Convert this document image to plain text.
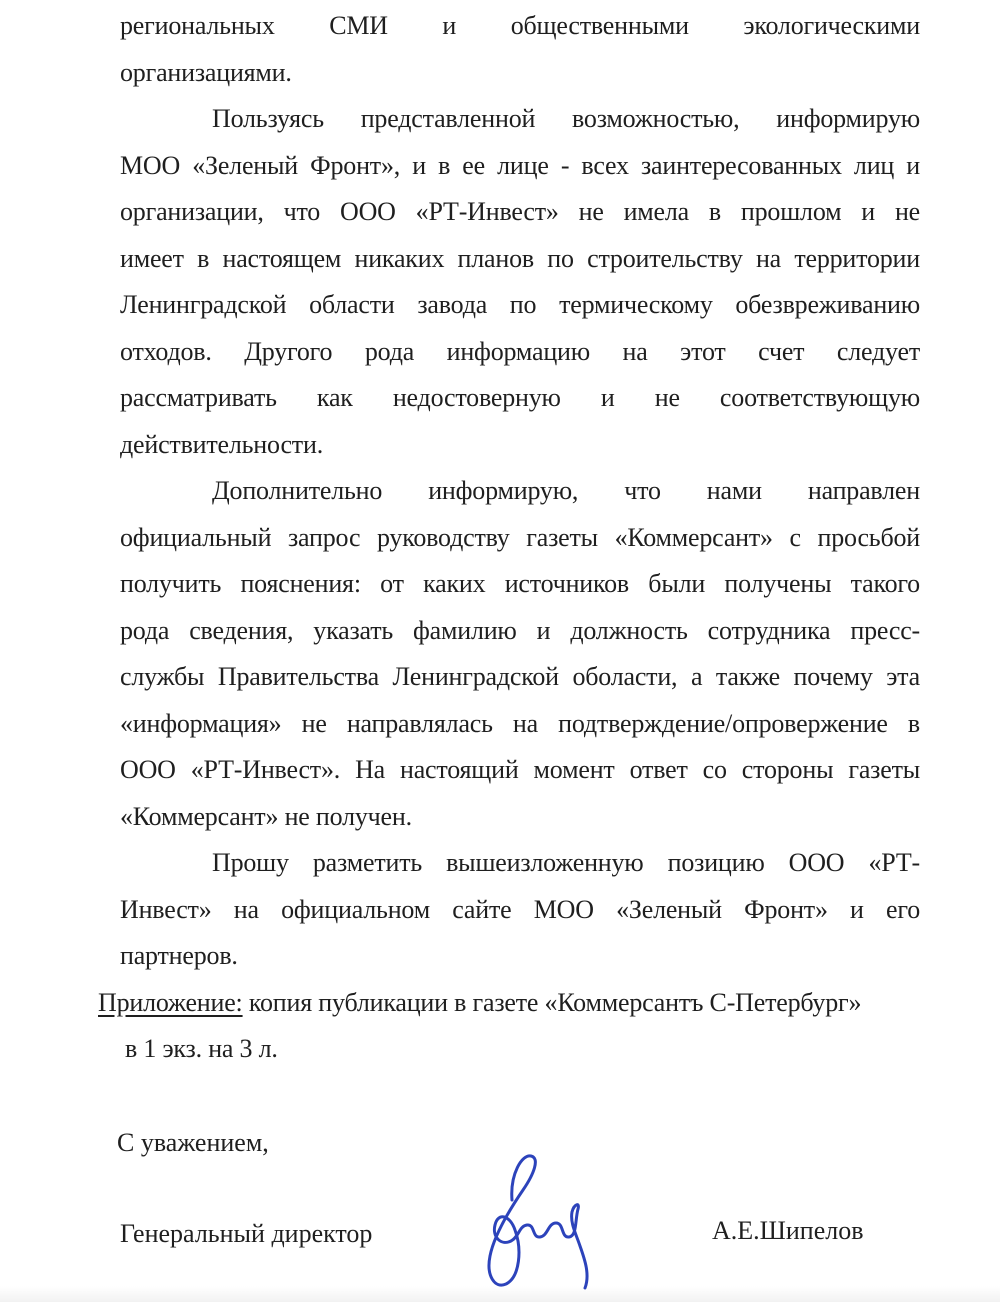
региональных СМИ и общественными экологическими
организациями.
Пользуясь представленной возможностью, информирую
МОО «Зеленый Фронт», и в ее лице - всех заинтересованных лиц и
организации, что ООО «РТ-Инвест» не имела в прошлом и не
имеет в настоящем никаких планов по строительству на территории
Ленинградской области завода по термическому обезвреживанию
отходов. Другого рода информацию на этот счет следует
рассматривать как недостоверную и не соответствующую
действительности.
Дополнительно информирую, что нами направлен
официальный запрос руководству газеты «Коммерсант» с просьбой
получить пояснения: от каких источников были получены такого
рода сведения, указать фамилию и должность сотрудника пресс-
службы Правительства Ленинградской оболасти, а также почему эта
«информация» не направлялась на подтверждение/опровержение в
ООО «РТ-Инвест». На настоящий момент ответ со стороны газеты
«Коммерсант» не получен.
Прошу разметить вышеизложенную позицию ООО «РТ-
Инвест» на официальном сайте МОО «Зеленый Фронт» и его
партнеров.
Приложение: копия публикации в газете «Коммерсантъ С-Петербург»
в 1 экз. на 3 л.
С уважением,
Генеральный директор	А.Е.Шипелов
